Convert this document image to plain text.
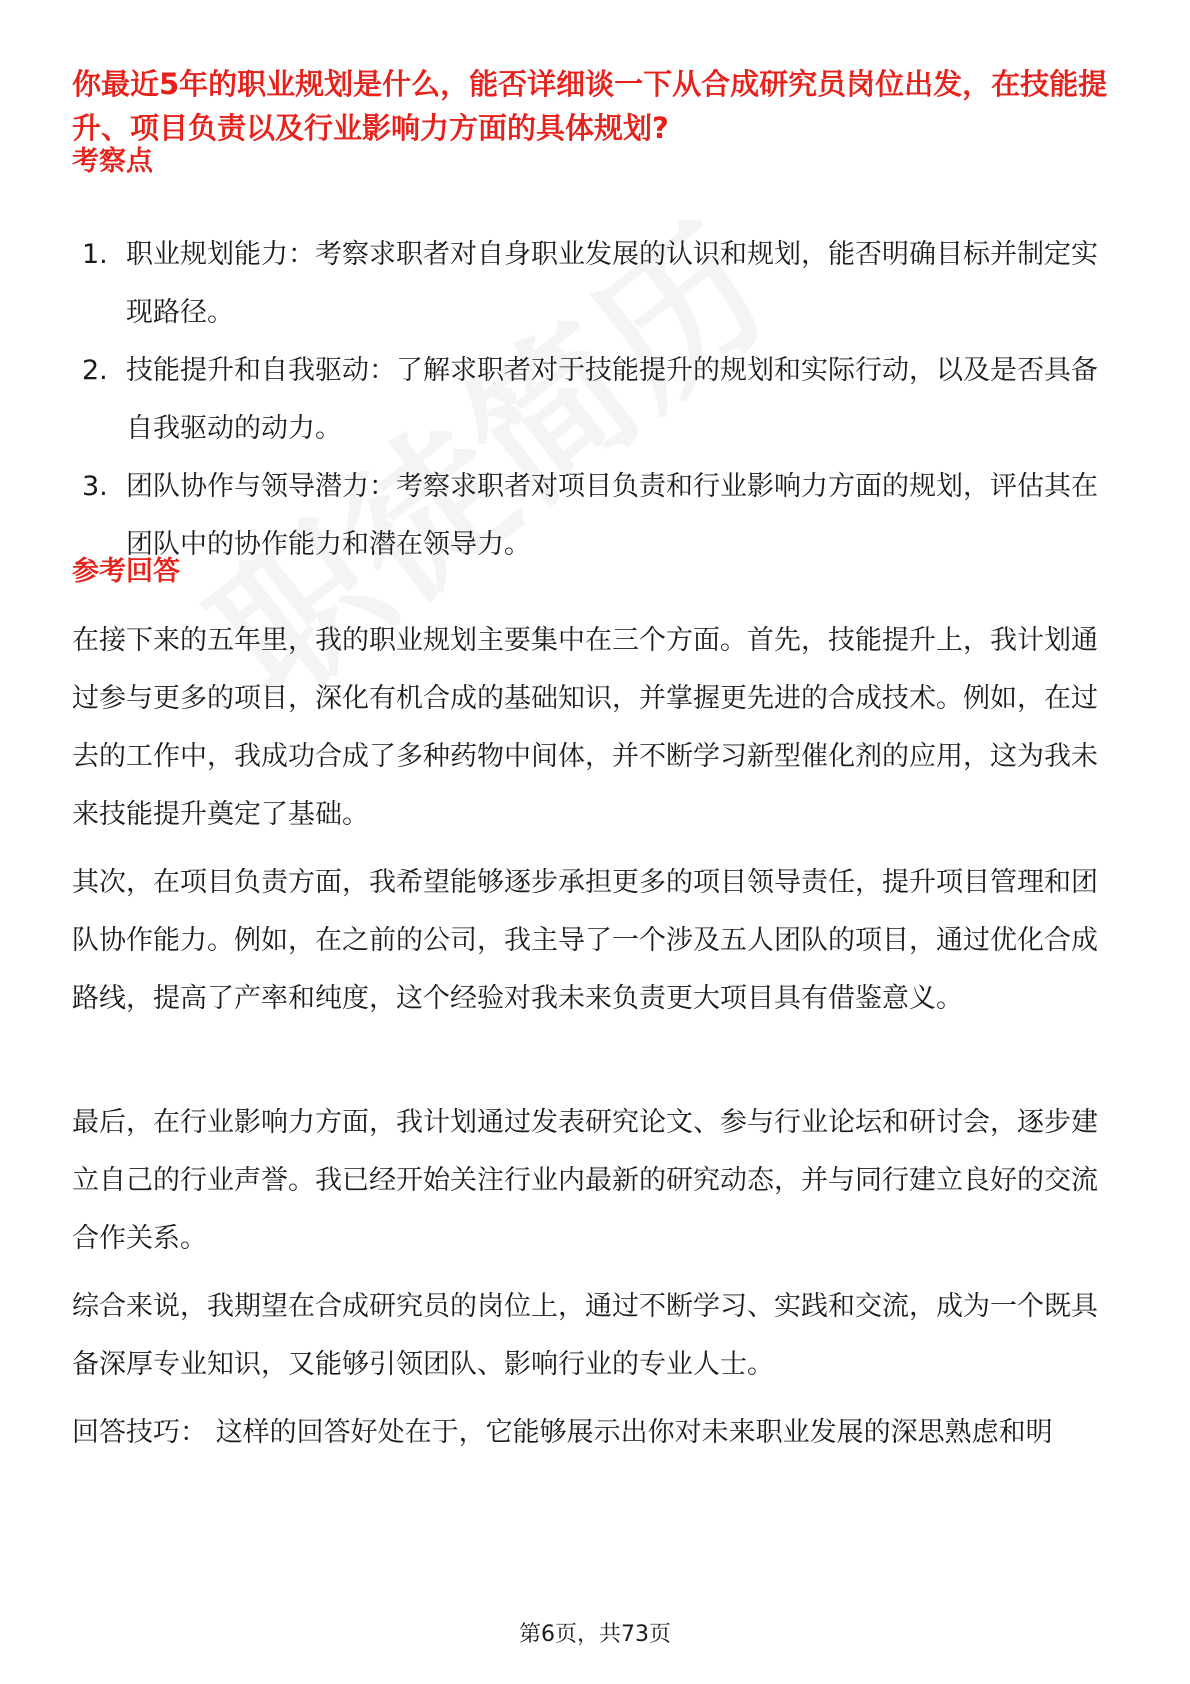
你最近5年的职业规划是什么，能否详细谈一下从合成研究员岗位出发，在技能提升、项目负责以及行业影响力方面的具体规划?
考察点
1. 职业规划能力：考察求职者对自身职业发展的认识和规划，能否明确目标并制定实现路径。
2. 技能提升和自我驱动：了解求职者对于技能提升的规划和实际行动，以及是否具备自我驱动的动力。
3. 团队协作与领导潜力：考察求职者对项目负责和行业影响力方面的规划，评估其在团队中的协作能力和潜在领导力。
参考回答

在接下来的五年里，我的职业规划主要集中在三个方面。首先，技能提升上，我计划通过参与更多的项目，深化有机合成的基础知识，并掌握更先进的合成技术。例如，在过去的工作中，我成功合成了多种药物中间体，并不断学习新型催化剂的应用，这为我未来技能提升奠定了基础。

其次，在项目负责方面，我希望能够逐步承担更多的项目领导责任，提升项目管理和团队协作能力。例如，在之前的公司，我主导了一个涉及五人团队的项目，通过优化合成路线，提高了产率和纯度，这个经验对我未来负责更大项目具有借鉴意义。

最后，在行业影响力方面，我计划通过发表研究论文、参与行业论坛和研讨会，逐步建立自己的行业声誉。我已经开始关注行业内最新的研究动态，并与同行建立良好的交流合作关系。

综合来说，我期望在合成研究员的岗位上，通过不断学习、实践和交流，成为一个既具备深厚专业知识，又能够引领团队、影响行业的专业人士。

回答技巧： 这样的回答好处在于，它能够展示出你对未来职业发展的深思熟虑和明

第6页，共73页
